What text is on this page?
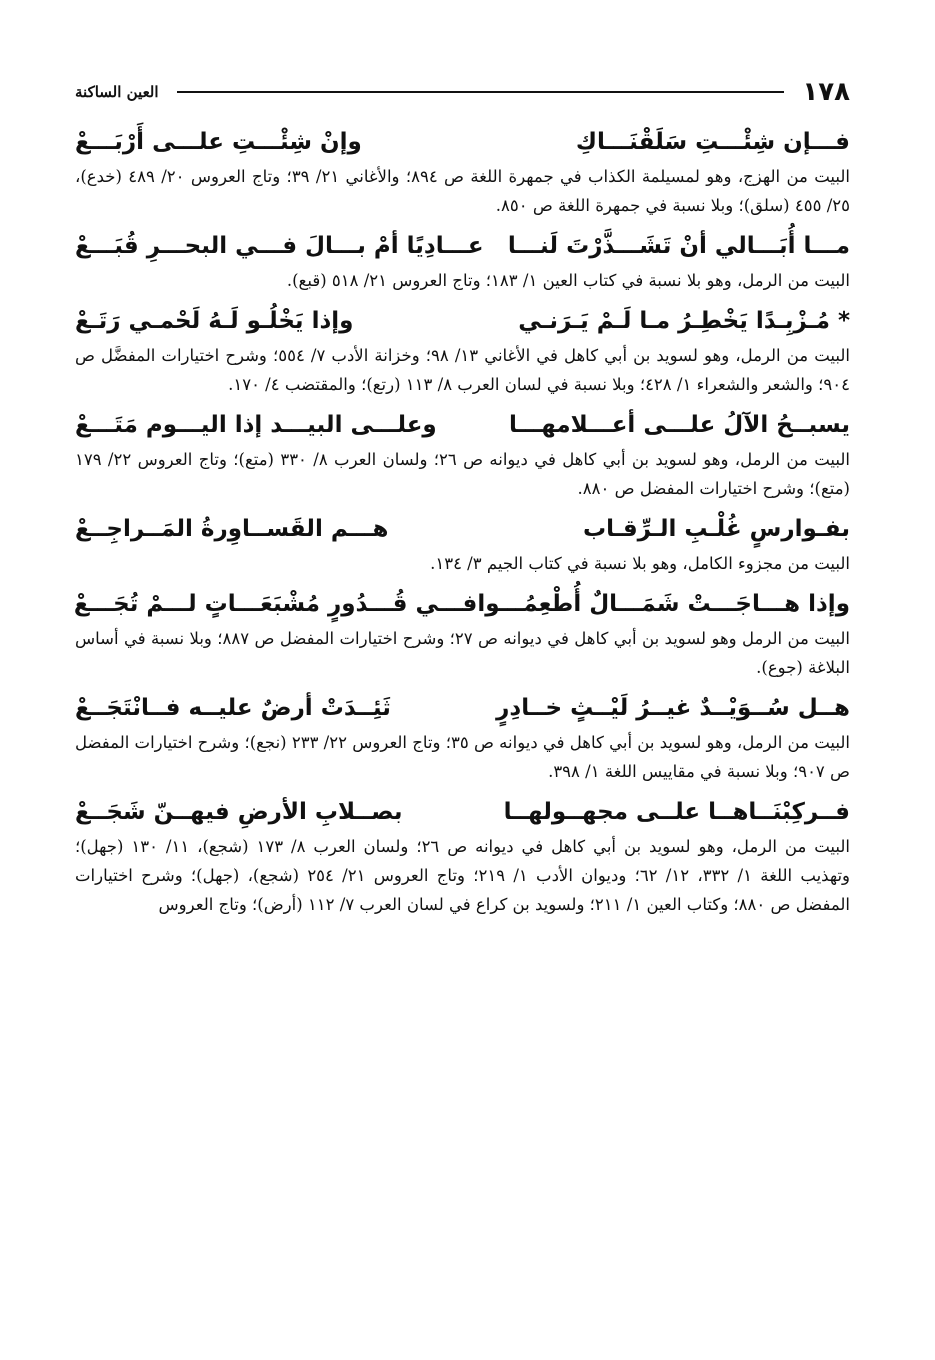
١٧٨
العين الساكنة
فـــإن شِئْـــتِ سَلَقْنَـــاكِ
وإنْ شِئْـــتِ علـــى أَرْبَـــعْ

البيت من الهزج، وهو لمسيلمة الكذاب في جمهرة اللغة ص ٨٩٤؛ والأغاني ٢١/ ٣٩؛ وتاج العروس ٢٠/ ٤٨٩ (خدع)، ٢٥/ ٤٥٥ (سلق)؛ وبلا نسبة في جمهرة اللغة ص ٨٥٠.

مـــا أُبَـــالي أنْ تَشَـــذَّرْتَ لَنـــا
عـــادِيًا أمْ بـــالَ فـــي البحـــرِ قُبَـــعْ

البيت من الرمل، وهو بلا نسبة في كتاب العين ١/ ١٨٣؛ وتاج العروس ٢١/ ٥١٨ (قبع).

* مُـزْبِـدًا يَخْطِـرُ مـا لَـمْ يَـرَنـي
وإذا يَخْلُـو لَـهُ لَحْمـي رَتَـعْ

البيت من الرمل، وهو لسويد بن أبي كاهل في الأغاني ١٣/ ٩٨؛ وخزانة الأدب ٧/ ٥٥٤؛ وشرح اختيارات المفضَّل ص ٩٠٤؛ والشعر والشعراء ١/ ٤٢٨؛ وبلا نسبة في لسان العرب ٨/ ١١٣ (رتع)؛ والمقتضب ٤/ ١٧٠.

يسبــحُ الآلُ علـــى أعـــلامهـــا
وعلـــى البيـــد إذا اليـــوم مَتَـــعْ

البيت من الرمل، وهو لسويد بن أبي كاهل في ديوانه ص ٢٦؛ ولسان العرب ٨/ ٣٣٠ (متع)؛ وتاج العروس ٢٢/ ١٧٩ (متع)؛ وشرح اختيارات المفضل ص ٨٨٠.

بفـوارسٍ غُلْـبِ الـرِّقـاب
هـــم القَســاوِرةُ المَــراجِــعْ

البيت من مجزوء الكامل، وهو بلا نسبة في كتاب الجيم ٣/ ١٣٤.

وإذا هـــاجَـــتْ شَمَـــالٌ أُطْعِمُـــوا
فـــي قُـــدُورٍ مُشْبَعَـــاتٍ لـــمْ تُجَـــعْ

البيت من الرمل وهو لسويد بن أبي كاهل في ديوانه ص ٢٧؛ وشرح اختيارات المفضل ص ٨٨٧؛ وبلا نسبة في أساس البلاغة (جوع).

هــل سُــوَيْــدٌ غيــرُ لَيْــثٍ خــادِرٍ
ثَئِــدَتْ أرضٌ عليــه فــانْتَجَــعْ

البيت من الرمل، وهو لسويد بن أبي كاهل في ديوانه ص ٣٥؛ وتاج العروس ٢٢/ ٢٣٣ (نجع)؛ وشرح اختيارات المفضل ص ٩٠٧؛ وبلا نسبة في مقاييس اللغة ١/ ٣٩٨.

فــركِبْنَــاهــا علــى مجهــولهــا
بصــلابِ الأرضِ فيهــنّ شَجَــعْ

البيت من الرمل، وهو لسويد بن أبي كاهل في ديوانه ص ٢٦؛ ولسان العرب ٨/ ١٧٣ (شجع)، ١١/ ١٣٠ (جهل)؛ وتهذيب اللغة ١/ ٣٣٢، ١٢/ ٦٢؛ وديوان الأدب ١/ ٢١٩؛ وتاج العروس ٢١/ ٢٥٤ (شجع)، (جهل)؛ وشرح اختيارات المفضل ص ٨٨٠؛ وكتاب العين ١/ ٢١١؛ ولسويد بن كراع في لسان العرب ٧/ ١١٢ (أرض)؛ وتاج العروس
